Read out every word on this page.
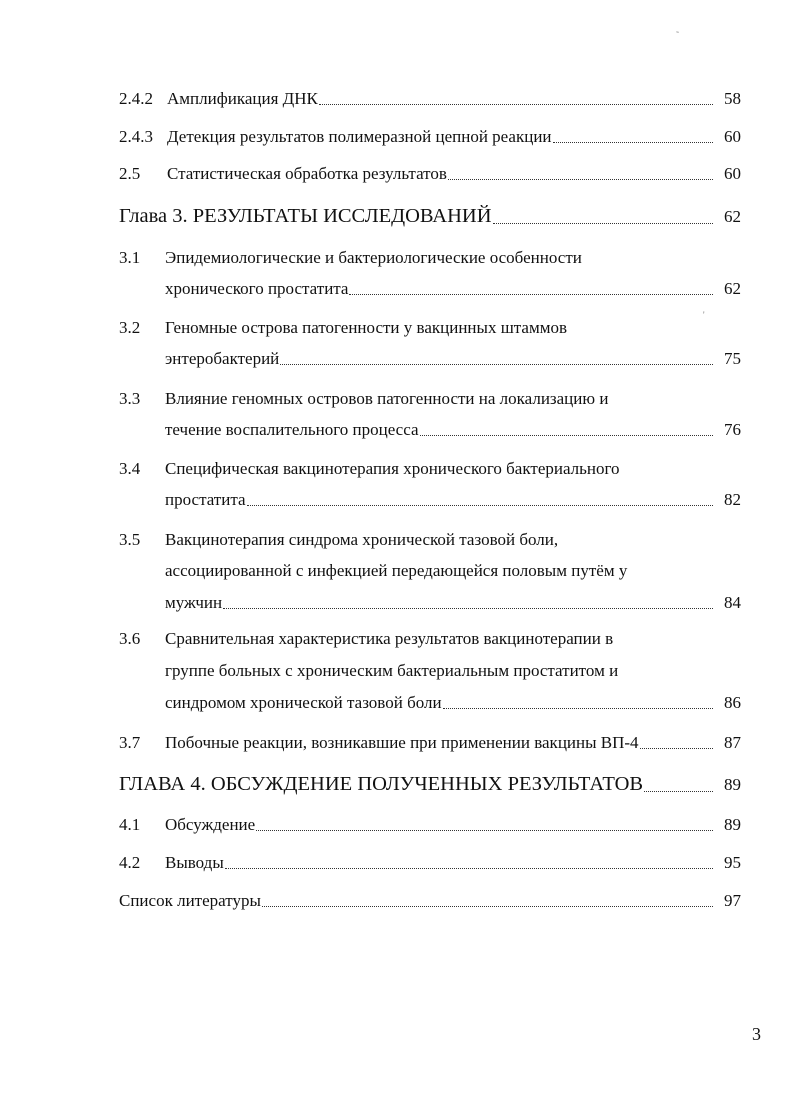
˜
'
2.4.2 Амплификация ДНК	58
2.4.3 Детекция результатов полимеразной цепной реакции	60
2.5	Статистическая обработка результатов	60
Глава 3. РЕЗУЛЬТАТЫ ИССЛЕДОВАНИЙ	62
3.1	Эпидемиологические и бактериологические особенности
хронического простатита	62
3.2	Геномные острова патогенности у вакцинных штаммов
энтеробактерий	75
3.3	Влияние геномных островов патогенности на локализацию и
течение воспалительного процесса	76
3.4	Специфическая вакцинотерапия хронического бактериального
простатита	82
3.5	Вакцинотерапия синдрома хронической тазовой боли,
ассоциированной с инфекцией передающейся половым путём у
мужчин	84
3.6	Сравнительная характеристика результатов вакцинотерапии в
группе больных с хроническим бактериальным простатитом и
синдромом хронической тазовой боли	86
3.7	Побочные реакции, возникавшие при применении вакцины ВП-4	87
ГЛАВА 4. ОБСУЖДЕНИЕ ПОЛУЧЕННЫХ РЕЗУЛЬТАТОВ	89
4.1	Обсуждение	89
4.2	Выводы	95
Список литературы	97
3
